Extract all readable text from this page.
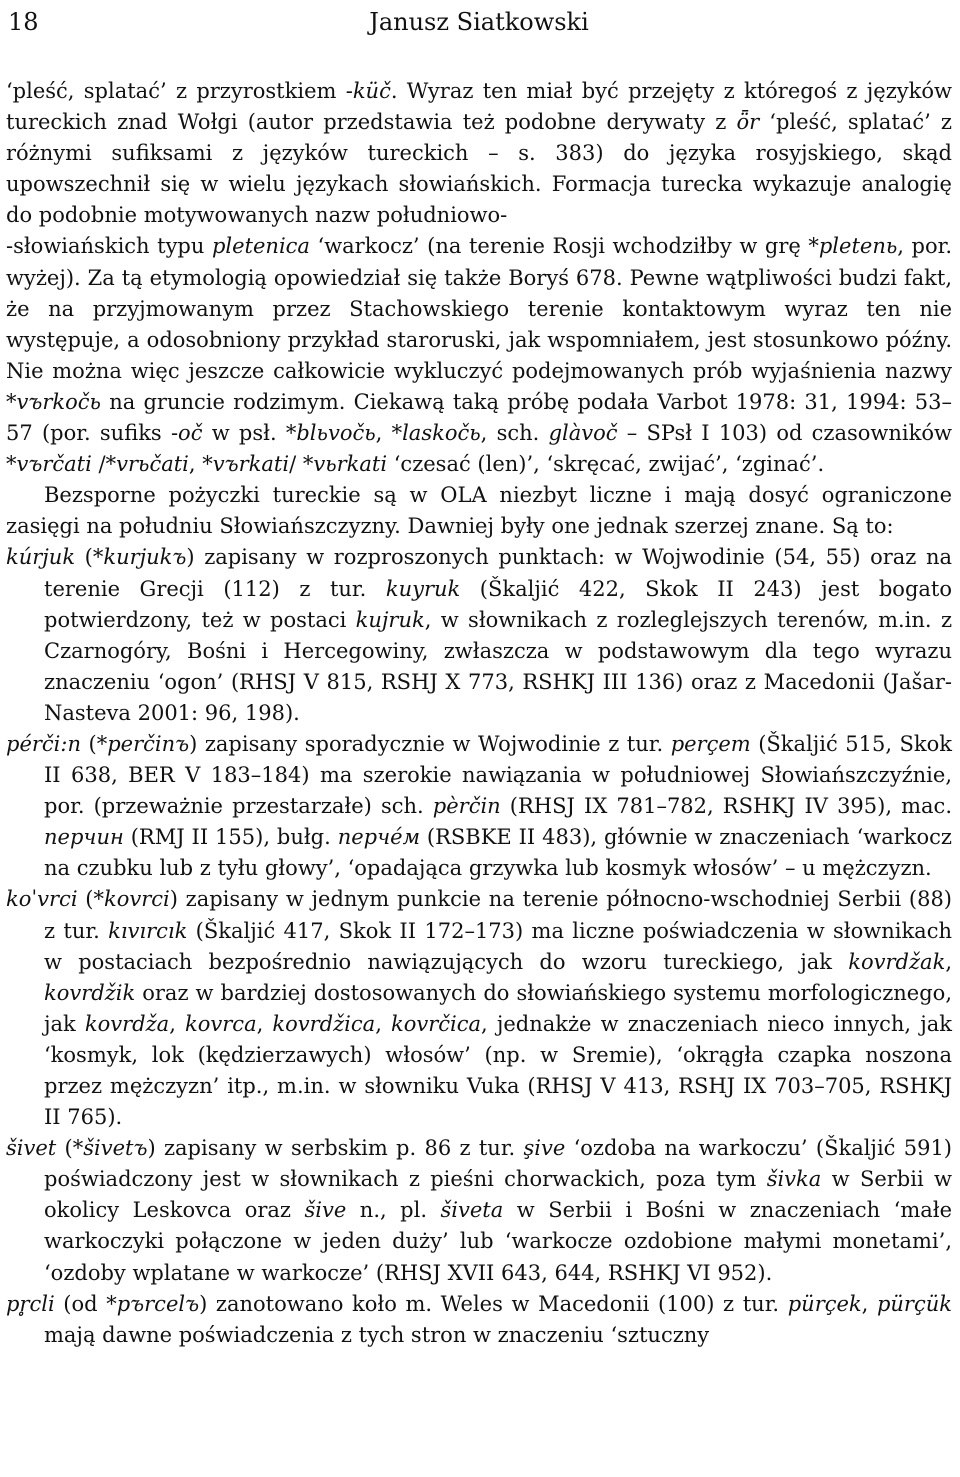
18	Janusz Siatkowski

‘pleść, splatać’ z przyrostkiem -küč. Wyraz ten miał być przejęty z któregoś z języków tureckich znad Wołgi (autor przedstawia też podobne derywaty z ȫr ‘pleść, splatać’ z różnymi sufiksami z języków tureckich – s. 383) do języka rosyjskiego, skąd upowszechnił się w wielu językach słowiańskich. Formacja turecka wykazuje analogię do podobnie motywowanych nazw południowo-
-słowiańskich typu pletenica ‘warkocz’ (na terenie Rosji wchodziłby w grę *pletenь, por. wyżej). Za tą etymologią opowiedział się także Boryś 678. Pewne wątpliwości budzi fakt, że na przyjmowanym przez Stachowskiego terenie kontaktowym wyraz ten nie występuje, a odosobniony przykład staroruski, jak wspomniałem, jest stosunkowo późny. Nie można więc jeszcze całkowicie wykluczyć podejmowanych prób wyjaśnienia nazwy *vъrkočь na gruncie rodzimym. Ciekawą taką próbę podała Varbot 1978: 31, 1994: 53–57 (por. sufiks -oč w psł. *blьvočь, *laskočь, sch. glàvoč – SPsł I 103) od czasowników *vъrčati /*vrьčati, *vъrkati/ *vьrkati ‘czesać (len)’, ‘skręcać, zwijać’, ‘zginać’.

Bezsporne pożyczki tureckie są w OLA niezbyt liczne i mają dosyć ograniczone zasięgi na południu Słowiańszczyzny. Dawniej były one jednak szerzej znane. Są to:

kúrjuk (*kurjukъ) zapisany w rozproszonych punktach: w Wojwodinie (54, 55) oraz na terenie Grecji (112) z tur. kuyruk (Škaljić 422, Skok II 243) jest bogato potwierdzony, też w postaci kujruk, w słownikach z rozleglejszych terenów, m.in. z Czarnogóry, Bośni i Hercegowiny, zwłaszcza w podstawowym dla tego wyrazu znaczeniu ‘ogon’ (RHSJ V 815, RSHJ X 773, RSHKJ III 136) oraz z Macedonii (Jašar-Nasteva 2001: 96, 198).

pérči:n (*perčinъ) zapisany sporadycznie w Wojwodinie z tur. perçem (Škaljić 515, Skok II 638, BER V 183–184) ma szerokie nawiązania w południowej Słowiańszczyźnie, por. (przeważnie przestarzałe) sch. pèrčin (RHSJ IX 781–782, RSHKJ IV 395), mac. перчин (RMJ II 155), bułg. перчéм (RSBKE II 483), głównie w znaczeniach ‘warkocz na czubku lub z tyłu głowy’, ‘opadająca grzywka lub kosmyk włosów’ – u mężczyzn.

koˈvrci (*kovrci) zapisany w jednym punkcie na terenie północno-wschodniej Serbii (88) z tur. kıvırcık (Škaljić 417, Skok II 172–173) ma liczne poświadczenia w słownikach w postaciach bezpośrednio nawiązujących do wzoru tureckiego, jak kovrdžak, kovrdžik oraz w bardziej dostosowanych do słowiańskiego systemu morfologicznego, jak kovrdža, kovrca, kovrdžica, kovrčica, jednakże w znaczeniach nieco innych, jak ‘kosmyk, lok (kędzierzawych) włosów’ (np. w Sremie), ‘okrągła czapka noszona przez mężczyzn’ itp., m.in. w słowniku Vuka (RHSJ V 413, RSHJ IX 703–705, RSHKJ II 765).

šivet (*šivetъ) zapisany w serbskim p. 86 z tur. şive ‘ozdoba na warkoczu’ (Škaljić 591) poświadczony jest w słownikach z pieśni chorwackich, poza tym šivka w Serbii w okolicy Leskovca oraz šive n., pl. šiveta w Serbii i Bośni w znaczeniach ‘małe warkoczyki połączone w jeden duży’ lub ‘warkocze ozdobione małymi monetami’, ‘ozdoby wplatane w warkocze’ (RHSJ XVII 643, 644, RSHKJ VI 952).

pr̥cli (od *pъrcelъ) zanotowano koło m. Weles w Macedonii (100) z tur. pürçek, pürçük mają dawne poświadczenia z tych stron w znaczeniu ‘sztuczny
